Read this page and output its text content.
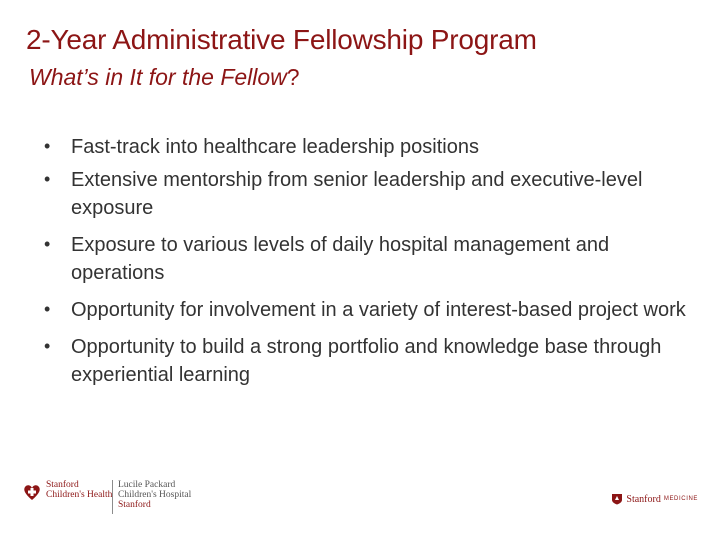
2-Year Administrative Fellowship Program
What’s in It for the Fellow?
• Fast-track into healthcare leadership positions
• Extensive mentorship from senior leadership and executive-level exposure
• Exposure to various levels of daily hospital management and operations
• Opportunity for involvement in a variety of interest-based project work
• Opportunity to build a strong portfolio and knowledge base through experiential learning
Stanford
Children's Health
Lucile Packard
Children's Hospital
Stanford
Stanford MEDICINE
